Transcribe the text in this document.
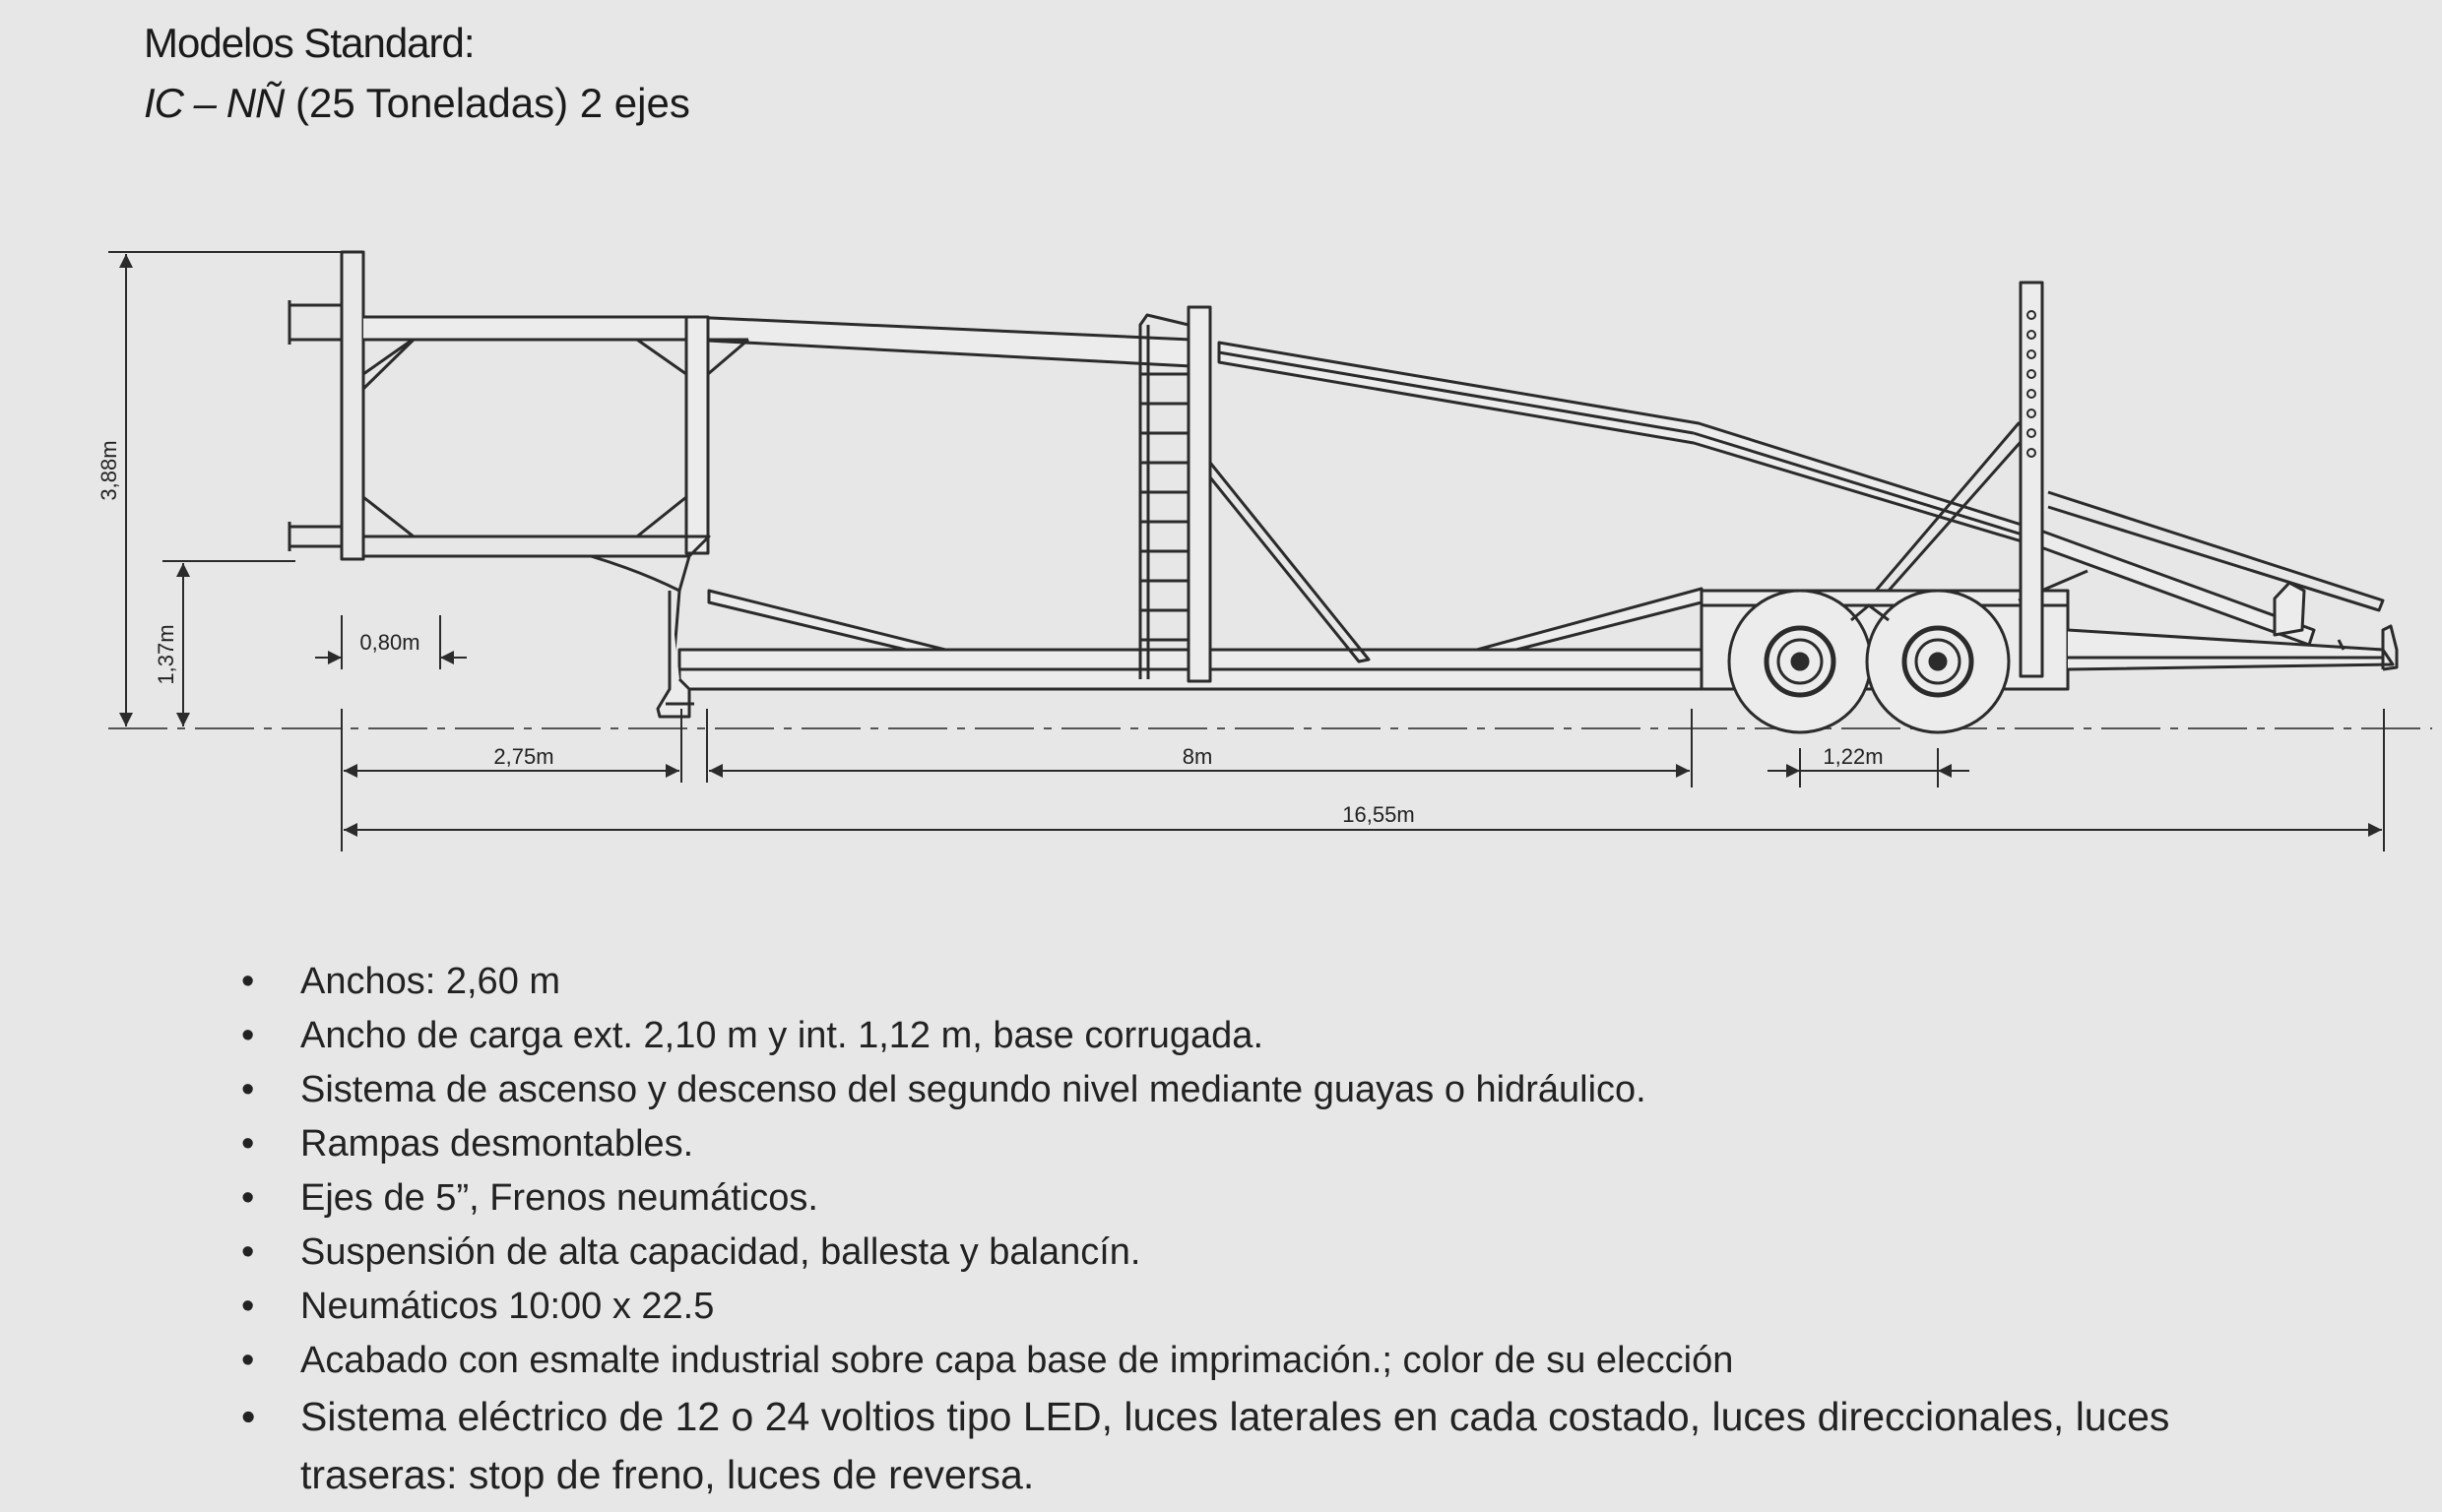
Modelos Standard:
IC – NÑ (25 Toneladas) 2 ejes
3,88m
1,37m	0,80m
2,75m	8m	1,22m
16,55m
• Anchos: 2,60 m
• Ancho de carga ext. 2,10 m y int. 1,12 m, base corrugada.
• Sistema de ascenso y descenso del segundo nivel mediante guayas o hidráulico.
• Rampas desmontables.
• Ejes de 5”, Frenos neumáticos.
• Suspensión de alta capacidad, ballesta y balancín.
• Neumáticos 10:00 x 22.5
• Acabado con esmalte industrial sobre capa base de imprimación.; color de su elección
• Sistema eléctrico de 12 o 24 voltios tipo LED, luces laterales en cada costado, luces direccionales, luces traseras: stop de freno, luces de reversa.
